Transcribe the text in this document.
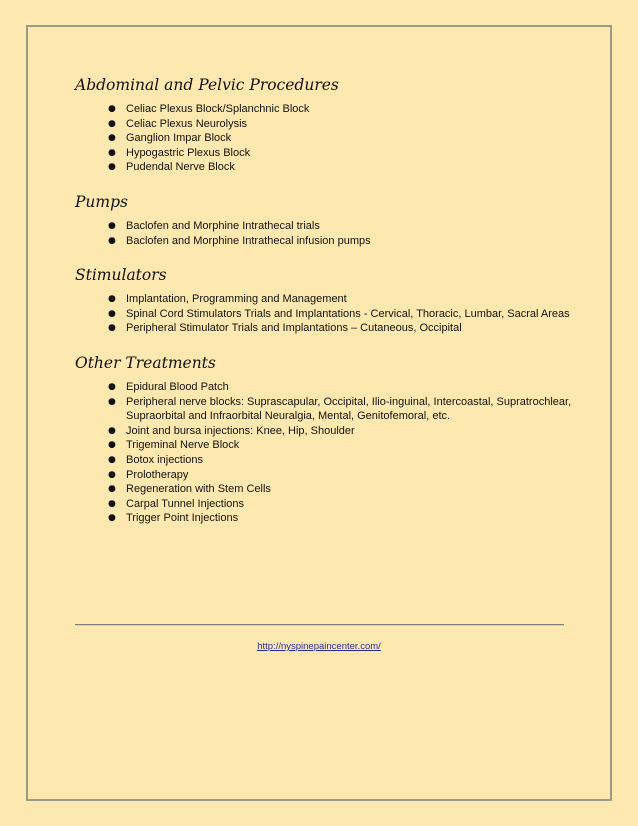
Abdominal and Pelvic Procedures
● Celiac Plexus Block/Splanchnic Block
● Celiac Plexus Neurolysis
● Ganglion Impar Block
● Hypogastric Plexus Block
● Pudendal Nerve Block
Pumps
● Baclofen and Morphine Intrathecal trials
● Baclofen and Morphine Intrathecal infusion pumps
Stimulators
● Implantation, Programming and Management
● Spinal Cord Stimulators Trials and Implantations - Cervical, Thoracic, Lumbar, Sacral Areas
● Peripheral Stimulator Trials and Implantations – Cutaneous, Occipital
Other Treatments
● Epidural Blood Patch
● Peripheral nerve blocks: Suprascapular, Occipital, Ilio-inguinal, Intercoastal, Supratrochlear, Supraorbital and Infraorbital Neuralgia, Mental, Genitofemoral, etc.
● Joint and bursa injections: Knee, Hip, Shoulder
● Trigeminal Nerve Block
● Botox injections
● Prolotherapy
● Regeneration with Stem Cells
● Carpal Tunnel Injections
● Trigger Point Injections
http://nyspinepaincenter.com/
